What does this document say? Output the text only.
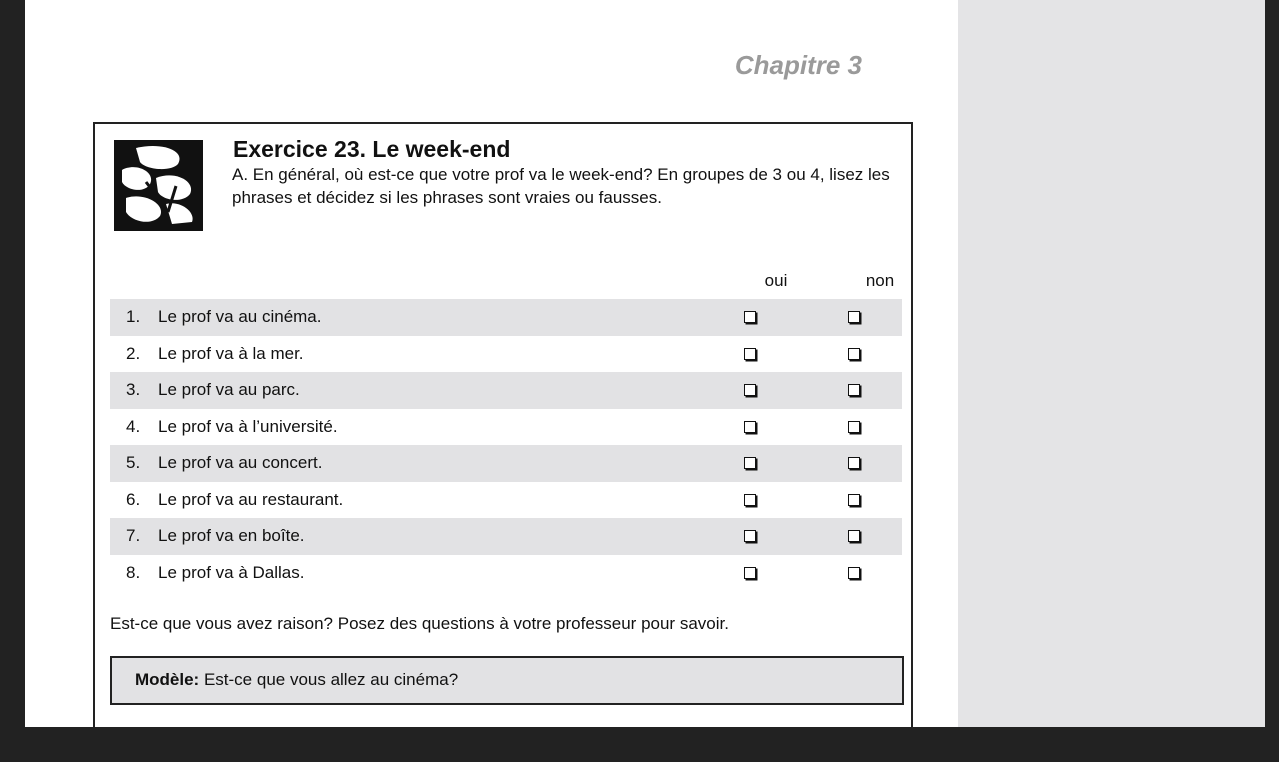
Chapitre 3
Exercice 23. Le week-end
A. En général, où est-ce que votre prof va le week-end? En groupes de 3 ou 4, lisez les phrases et décidez si les phrases sont vraies ou fausses.
oui	non
1. Le prof va au cinéma.
2. Le prof va à la mer.
3. Le prof va au parc.
4. Le prof va à l’université.
5. Le prof va au concert.
6. Le prof va au restaurant.
7. Le prof va en boîte.
8. Le prof va à Dallas.
Est-ce que vous avez raison? Posez des questions à votre professeur pour savoir.
Modèle: Est-ce que vous allez au cinéma?
